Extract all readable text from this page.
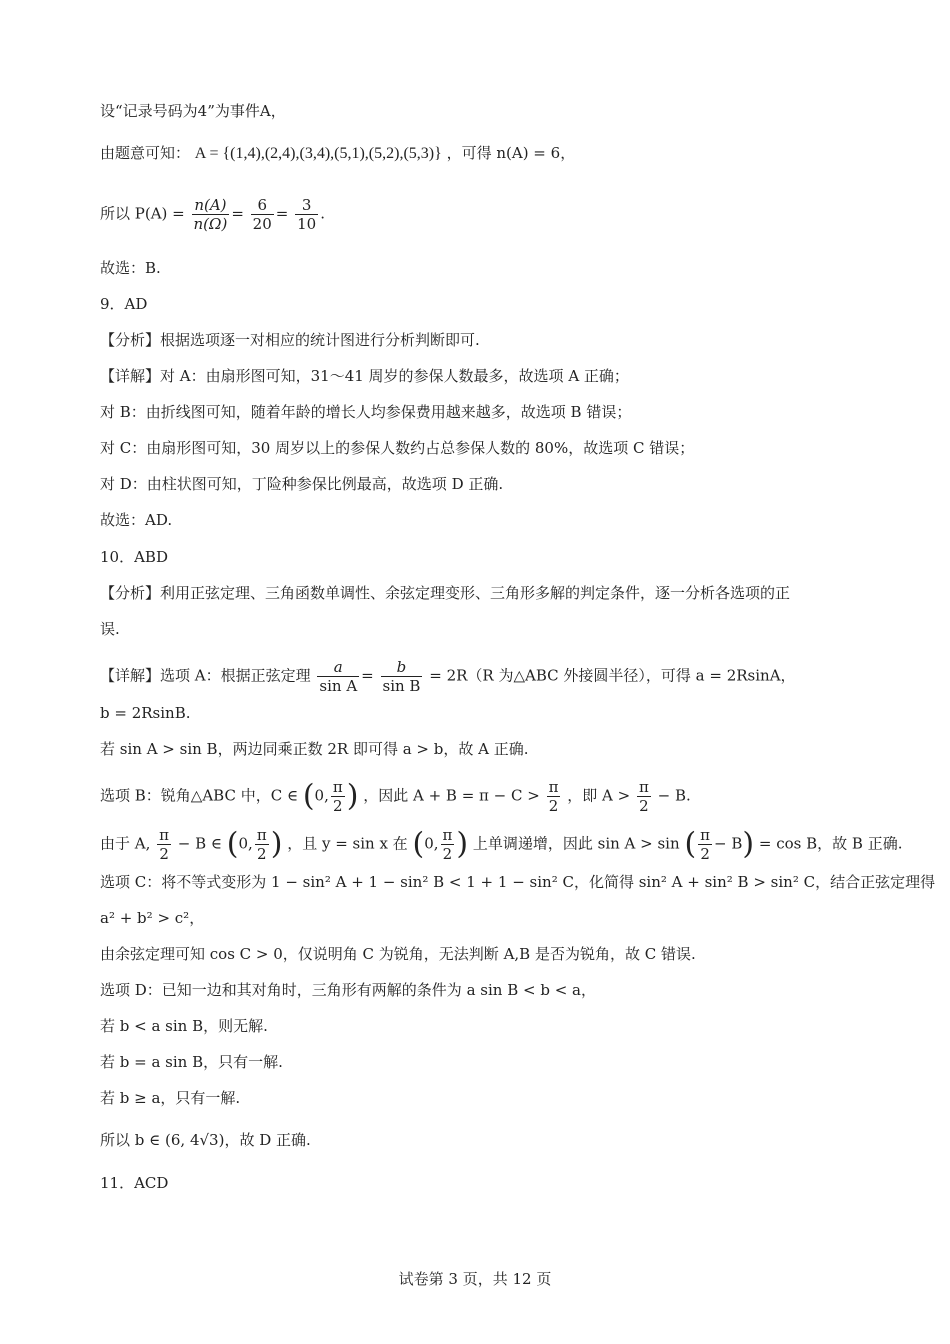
设“记录号码为4”为事件A，
由题意可知： A = {(1,4),(2,4),(3,4),(5,1),(5,2),(5,3)} ，可得 n(A) = 6，
所以 $P(A) = \frac{n(A)}{n(\Omega)} = \frac{6}{20} = \frac{3}{10}$ .
故选：B.
9．AD
【分析】根据选项逐一对相应的统计图进行分析判断即可.
【详解】对 A：由扇形图可知，31～41 周岁的参保人数最多，故选项 A 正确；
对 B：由折线图可知，随着年龄的增长人均参保费用越来越多，故选项 B 错误；
对 C：由扇形图可知，30 周岁以上的参保人数约占总参保人数的 80%，故选项 C 错误；
对 D：由柱状图可知，丁险种参保比例最高，故选项 D 正确.
故选：AD.
10．ABD
【分析】利用正弦定理、三角函数单调性、余弦定理变形、三角形多解的判定条件，逐一分析各选项的正
误.
【详解】选项 A：根据正弦定理 $\frac{a}{\text{sin A}} = \frac{b}{\text{sin B}} = 2R(R$ 为△ABC 外接圆半径），可得 a = 2RsinA，
b = 2RsinB.
若 sin A > sin B，两边同乘正数 2R 即可得 a > b，故 A 正确.
选项 B：锐角△ABC 中，C ∈ (0, $\frac{\pi}{2}$ ) ，因此 $A + B = \pi - C > \frac{\pi}{2}$ ，即 $A > \frac{\pi}{2} - B$.
由于 A, $\frac{\pi}{2} - B$ ∈ (0, $\frac{\pi}{2}$ ) ，且 y = sin x 在 (0, $\frac{\pi}{2}$ ) 上单调递增，因此 sin A > sin ( $\frac{\pi}{2} - B) = \cos B$，故 B 正确.
选项 C：将不等式变形为 1 − sin² A + 1 − sin² B < 1 + 1 − sin² C，化简得 sin² A + sin² B > sin² C，结合正弦定理得
a² + b² > c²，
由余弦定理可知 cos C > 0，仅说明角 C 为锐角，无法判断 A,B 是否为锐角，故 C 错误.
选项 D：已知一边和其对角时，三角形有两解的条件为 a sin B < b < a，
若 b < a sin B，则无解.
若 b = a sin B，只有一解.
若 b ≥ a，只有一解.
所以 b ∈ (6, 4√3)，故 D 正确.
11．ACD
试卷第 3 页，共 12 页
